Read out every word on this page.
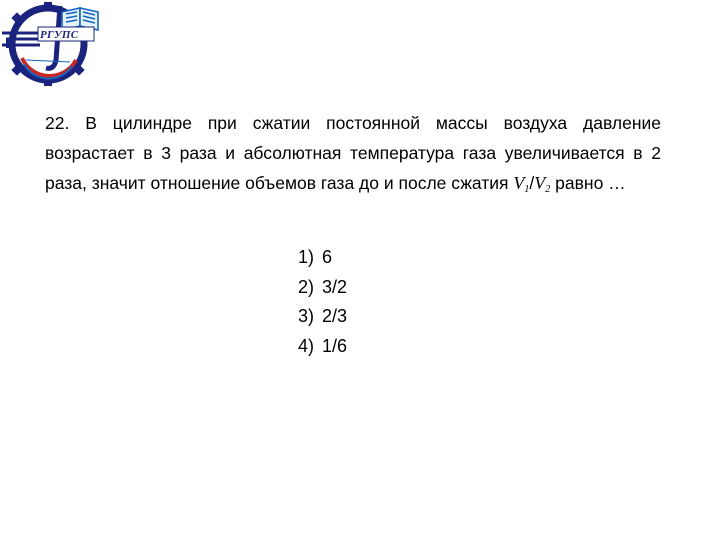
РГУПС

22. В цилиндре при сжатии постоянной массы воздуха давление возрастает в 3 раза и абсолютная температура газа увеличивается в 2 раза, значит отношение объемов газа до и после сжатия $V_1/V_2$ равно …

1) 6
2) 3/2
3) 2/3
4) 1/6
